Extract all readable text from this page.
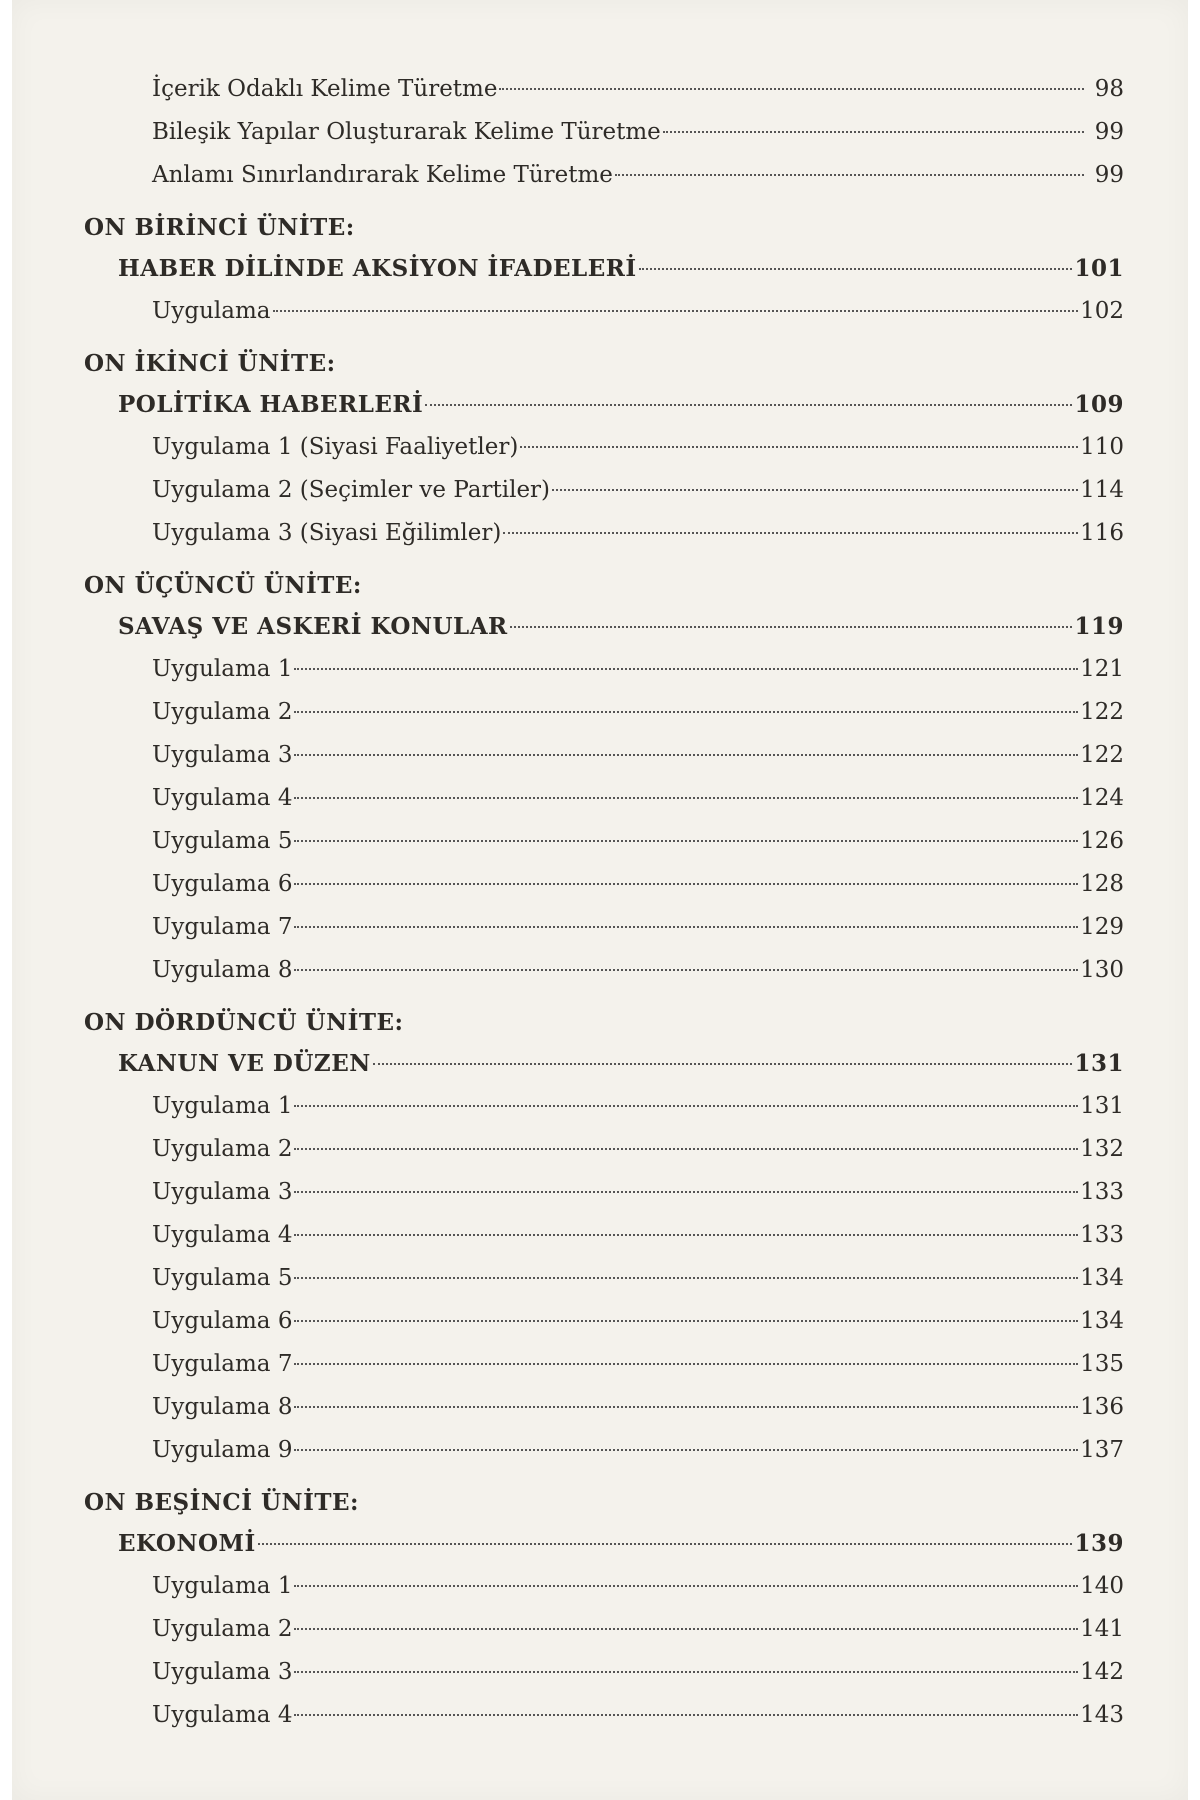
İçerik Odaklı Kelime Türetme	98
Bileşik Yapılar Oluşturarak Kelime Türetme	99
Anlamı Sınırlandırarak Kelime Türetme	99
ON BİRİNCİ ÜNİTE:
HABER DİLİNDE AKSİYON İFADELERİ	101
Uygulama	102
ON İKİNCİ ÜNİTE:
POLİTİKA HABERLERİ	109
Uygulama 1 (Siyasi Faaliyetler)	110
Uygulama 2 (Seçimler ve Partiler)	114
Uygulama 3 (Siyasi Eğilimler)	116
ON ÜÇÜNCÜ ÜNİTE:
SAVAŞ VE ASKERİ KONULAR	119
Uygulama 1	121
Uygulama 2	122
Uygulama 3	122
Uygulama 4	124
Uygulama 5	126
Uygulama 6	128
Uygulama 7	129
Uygulama 8	130
ON DÖRDÜNCÜ ÜNİTE:
KANUN VE DÜZEN	131
Uygulama 1	131
Uygulama 2	132
Uygulama 3	133
Uygulama 4	133
Uygulama 5	134
Uygulama 6	134
Uygulama 7	135
Uygulama 8	136
Uygulama 9	137
ON BEŞİNCİ ÜNİTE:
EKONOMİ	139
Uygulama 1	140
Uygulama 2	141
Uygulama 3	142
Uygulama 4	143
